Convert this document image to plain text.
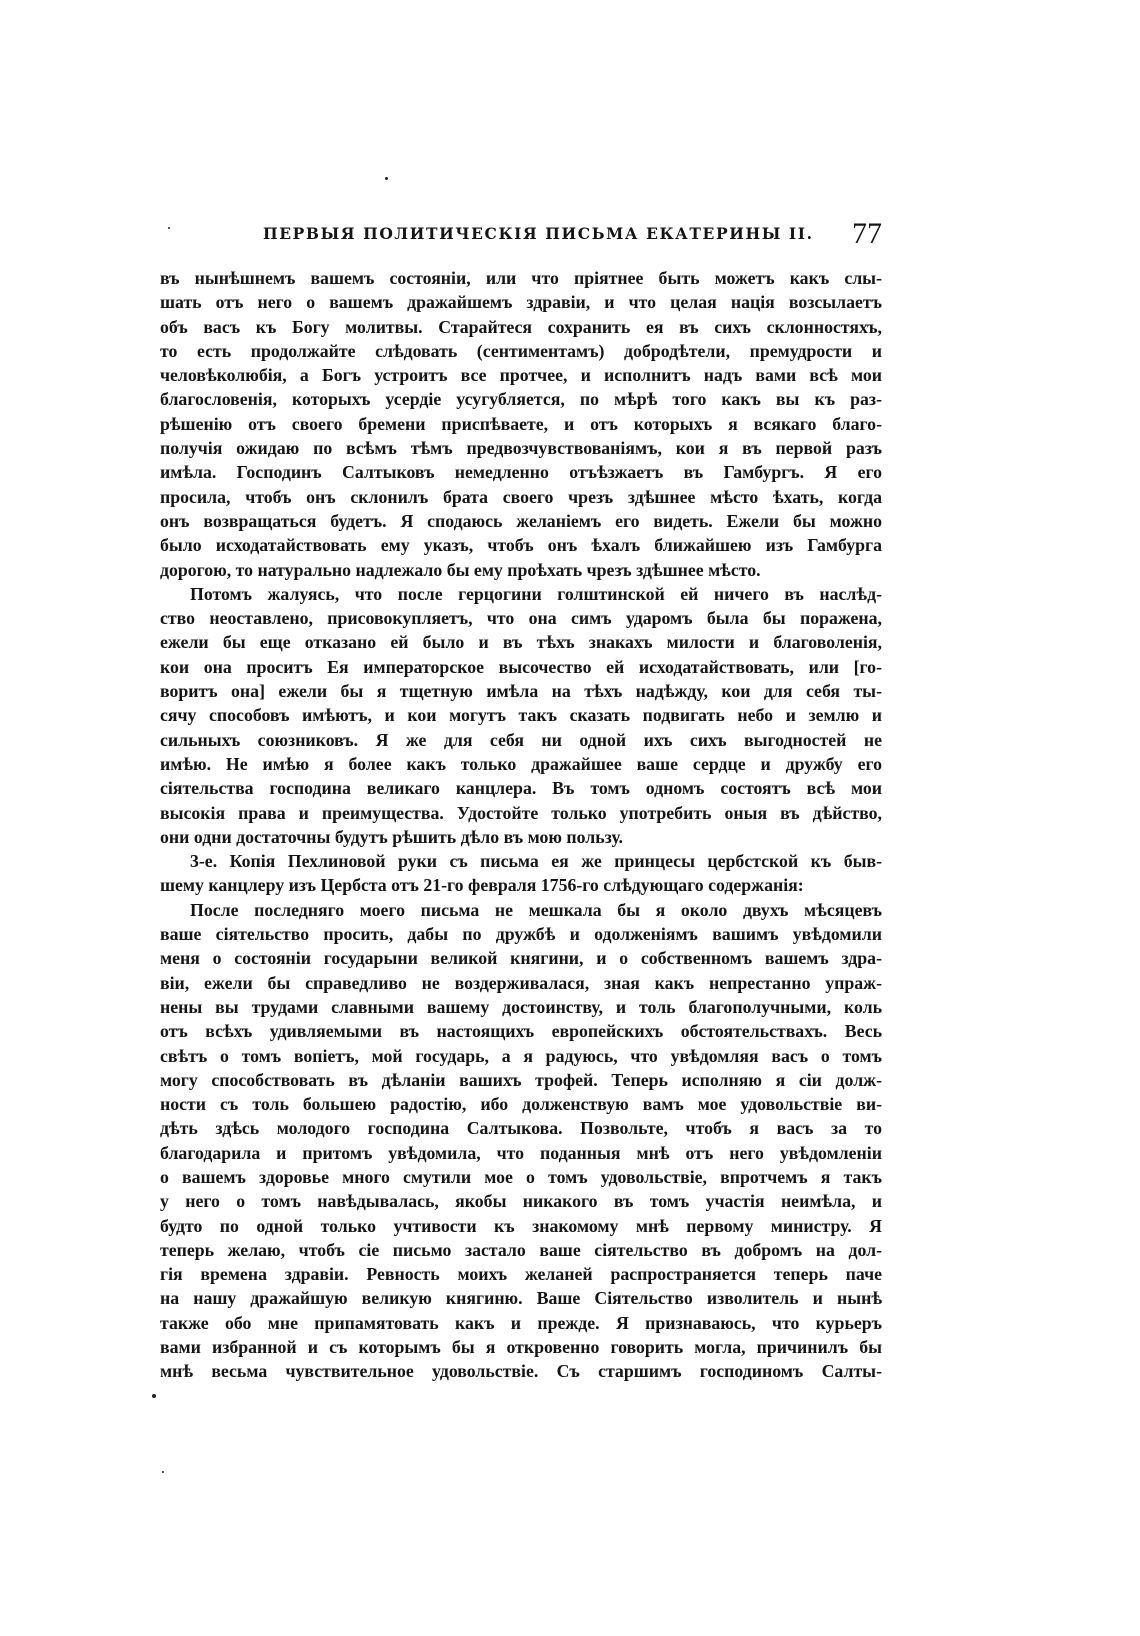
ПЕРВЫЯ ПОЛИТИЧЕСКІЯ ПИСЬМА ЕКАТЕРИНЫ II. 77
въ нынѣшнемъ вашемъ состояніи, или что пріятнее быть можетъ какъ слы-
шать отъ него о вашемъ дражайшемъ здравіи, и что целая нація возсылаетъ
объ васъ къ Богу молитвы. Старайтеся сохранить ея въ сихъ склонностяхъ,
то есть продолжайте слѣдовать (сентиментамъ) добродѣтели, премудрости и
человѣколюбія, а Богъ устроитъ все протчее, и исполнитъ надъ вами всѣ мои
благословенія, которыхъ усердіе усугубляется, по мѣрѣ того какъ вы къ раз-
рѣшенію отъ своего бремени приспѣваете, и отъ которыхъ я всякаго благо-
получія ожидаю по всѣмъ тѣмъ предвозчувствованіямъ, кои я въ первой разъ
имѣла. Господинъ Салтыковъ немедленно отъѣзжаетъ въ Гамбургъ. Я его
просила, чтобъ онъ склонилъ брата своего чрезъ здѣшнее мѣсто ѣхать, когда
онъ возвращаться будетъ. Я сподаюсь желаніемъ его видеть. Ежели бы можно
было исходатайствовать ему указъ, чтобъ онъ ѣхалъ ближайшею изъ Гамбурга
дорогою, то натурально надлежало бы ему проѣхать чрезъ здѣшнее мѣсто.
Потомъ жалуясь, что после герцогини голштинской ей ничего въ наслѣд-
ство неоставлено, присовокупляетъ, что она симъ ударомъ была бы поражена,
ежели бы еще отказано ей было и въ тѣхъ знакахъ милости и благоволенія,
кои она проситъ Ея императорское высочество ей исходатайствовать, или [го-
воритъ она] ежели бы я тщетную имѣла на тѣхъ надѣжду, кои для себя ты-
сячу способовъ имѣютъ, и кои могутъ такъ сказать подвигать небо и землю и
сильныхъ союзниковъ. Я же для себя ни одной ихъ сихъ выгодностей не
имѣю. Не имѣю я более какъ только дражайшее ваше сердце и дружбу его
сіятельства господина великаго канцлера. Въ томъ одномъ состоятъ всѣ мои
высокія права и преимущества. Удостойте только употребить оныя въ дѣйство,
они одни достаточны будутъ рѣшить дѣло въ мою пользу.
3-е. Копія Пехлиновой руки съ письма ея же принцесы цербстской къ быв-
шему канцлеру изъ Цербста отъ 21-го февраля 1756-го слѣдующаго содержанія:
После последняго моего письма не мешкала бы я около двухъ мѣсяцевъ
ваше сіятельство просить, дабы по дружбѣ и одолженіямъ вашимъ увѣдомили
меня о состояніи государыни великой княгини, и о собственномъ вашемъ здра-
віи, ежели бы справедливо не воздерживалася, зная какъ непрестанно упраж-
нены вы трудами славными вашему достоинству, и толь благополучными, коль
отъ всѣхъ удивляемыми въ настоящихъ европейскихъ обстоятельствахъ. Весь
свѣтъ о томъ вопіетъ, мой государь, а я радуюсь, что увѣдомляя васъ о томъ
могу способствовать въ дѣланіи вашихъ трофей. Теперь исполняю я сіи долж-
ности съ толь большею радостію, ибо долженствую вамъ мое удовольствіе ви-
дѣть здѣсь молодого господина Салтыкова. Позвольте, чтобъ я васъ за то
благодарила и притомъ увѣдомила, что поданныя мнѣ отъ него увѣдомленіи
о вашемъ здоровье много смутили мое о томъ удовольствіе, впротчемъ я такъ
у него о томъ навѣдывалась, якобы никакого въ томъ участія неимѣла, и
будто по одной только учтивости къ знакомому мнѣ первому министру. Я
теперь желаю, чтобъ сіе письмо застало ваше сіятельство въ добромъ на дол-
гія времена здравіи. Ревность моихъ желаней распространяется теперь паче
на нашу дражайшую великую княгиню. Ваше Сіятельство изволитель и нынѣ
также обо мне припамятовать какъ и прежде. Я признаваюсь, что курьеръ
вами избранной и съ которымъ бы я откровенно говорить могла, причинилъ бы
мнѣ весьма чувствительное удовольствіе. Съ старшимъ господиномъ Салты-
